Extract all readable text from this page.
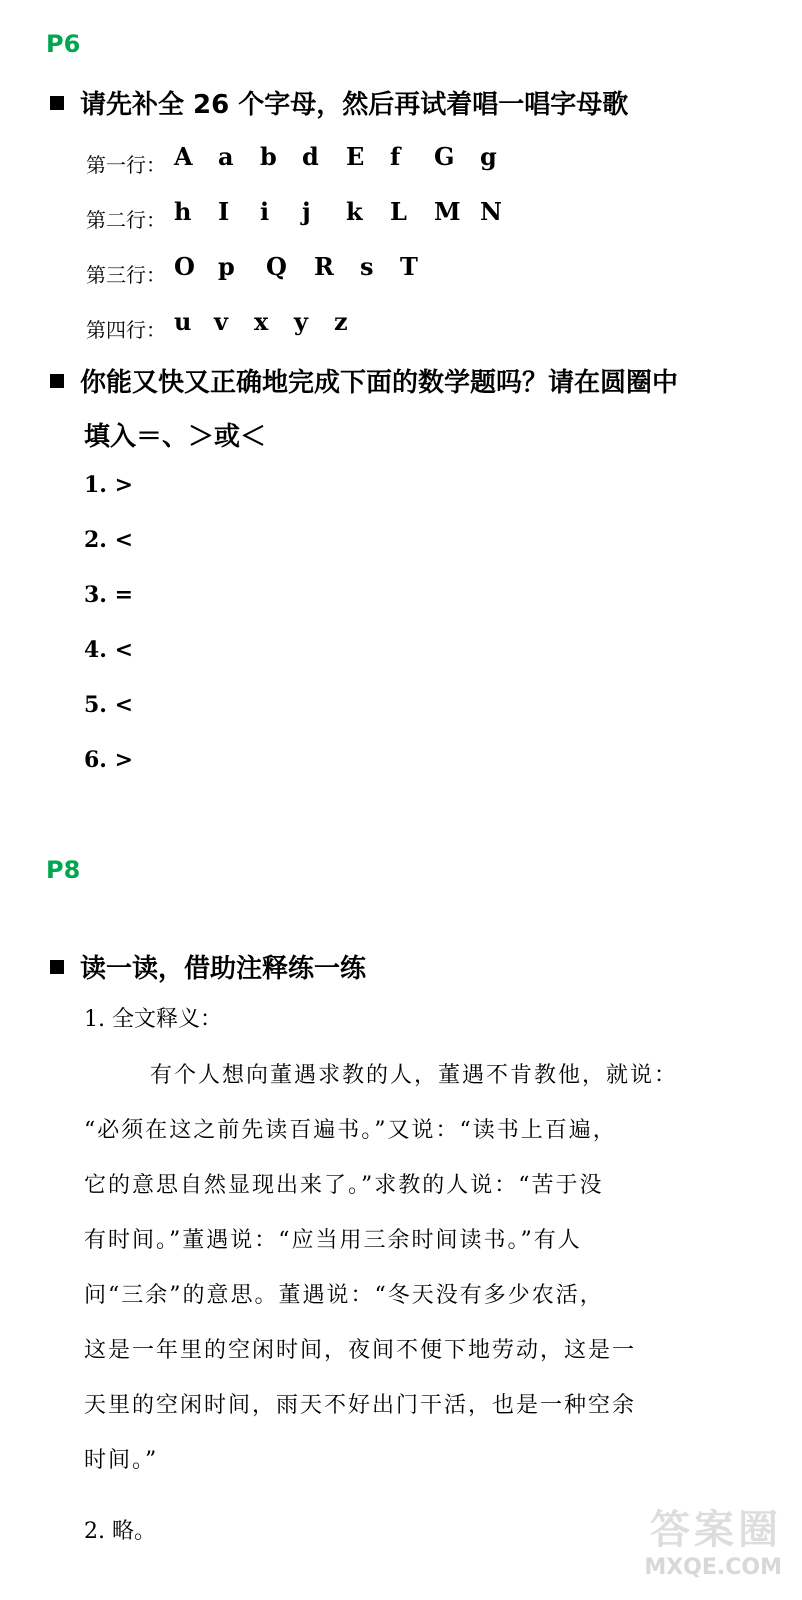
P6
请先补全 26 个字母，然后再试着唱一唱字母歌
第一行： A a b d E f G g
第二行： h I i j k L M N
第三行： O p Q R s T
第四行： u v x y z
你能又快又正确地完成下面的数学题吗？请在圆圈中
填入＝、＞或＜
1. >
2. <
3. =
4. <
5. <
6. >
P8
读一读，借助注释练一练
1. 全文释义：
有个人想向董遇求教的人，董遇不肯教他，就说：
“必须在这之前先读百遍书。”又说：“读书上百遍，
它的意思自然显现出来了。”求教的人说：“苦于没
有时间。”董遇说：“应当用三余时间读书。”有人
问“三余”的意思。董遇说：“冬天没有多少农活，
这是一年里的空闲时间，夜间不便下地劳动，这是一
天里的空闲时间，雨天不好出门干活，也是一种空余
时间。”
2. 略。	答案圈
MXQE.COM
